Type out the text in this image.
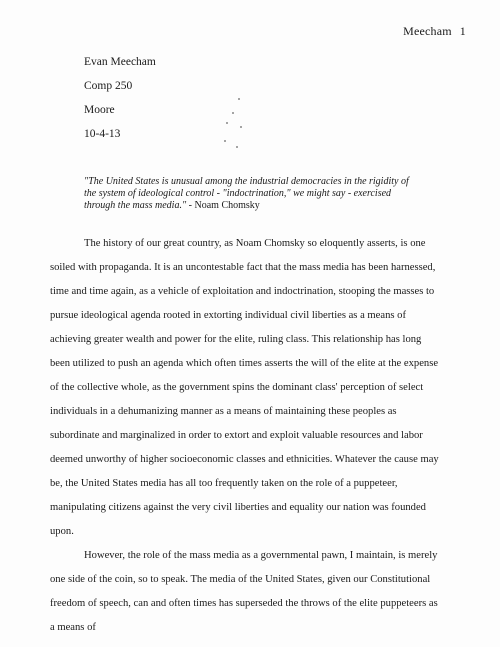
Meecham 1
Evan Meecham
Comp 250
Moore
10-4-13
"The United States is unusual among the industrial democracies in the rigidity of the system of ideological control - "indoctrination," we might say - exercised through the mass media." - Noam Chomsky

The history of our great country, as Noam Chomsky so eloquently asserts, is one soiled with propaganda. It is an uncontestable fact that the mass media has been harnessed, time and time again, as a vehicle of exploitation and indoctrination, stooping the masses to pursue ideological agenda rooted in extorting individual civil liberties as a means of achieving greater wealth and power for the elite, ruling class. This relationship has long been utilized to push an agenda which often times asserts the will of the elite at the expense of the collective whole, as the government spins the dominant class' perception of select individuals in a dehumanizing manner as a means of maintaining these peoples as subordinate and marginalized in order to extort and exploit valuable resources and labor deemed unworthy of higher socioeconomic classes and ethnicities. Whatever the cause may be, the United States media has all too frequently taken on the role of a puppeteer, manipulating citizens against the very civil liberties and equality our nation was founded upon.

However, the role of the mass media as a governmental pawn, I maintain, is merely one side of the coin, so to speak. The media of the United States, given our Constitutional freedom of speech, can and often times has superseded the throws of the elite puppeteers as a means of
